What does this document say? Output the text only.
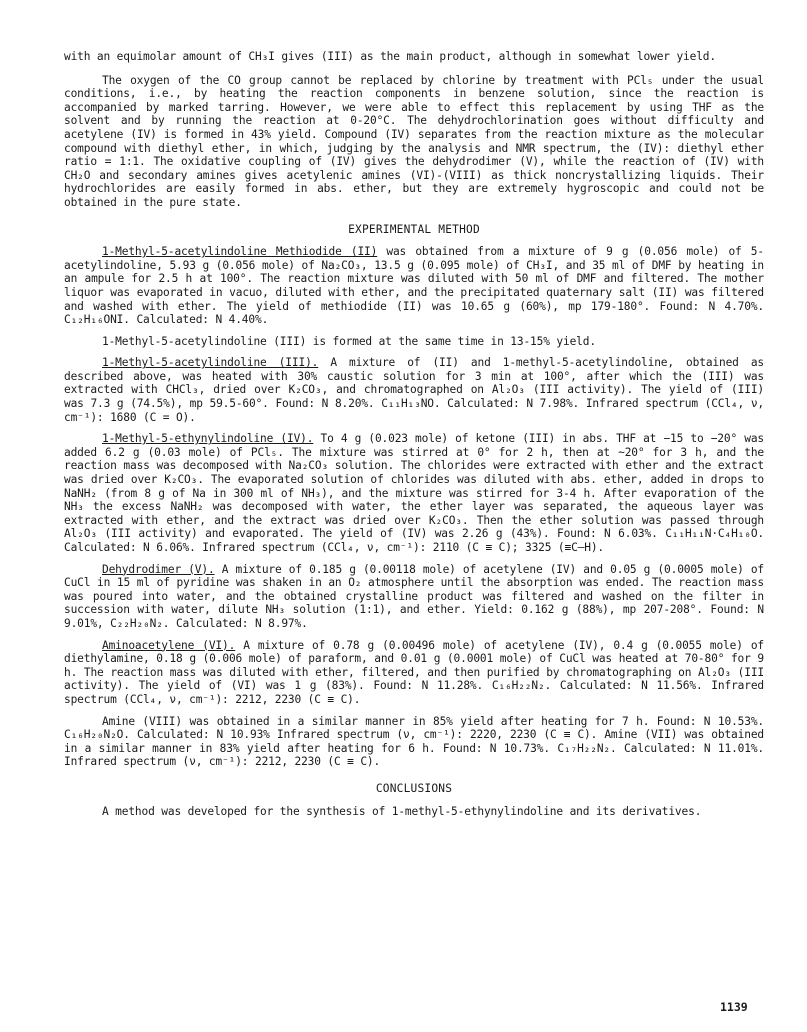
with an equimolar amount of CH₃I gives (III) as the main product, although in somewhat lower yield.

The oxygen of the CO group cannot be replaced by chlorine by treatment with PCl₅ under the usual conditions, i.e., by heating the reaction components in benzene solution, since the reaction is accompanied by marked tarring. However, we were able to effect this replacement by using THF as the solvent and by running the reaction at 0-20°C. The dehydrochlorination goes without difficulty and acetylene (IV) is formed in 43% yield. Compound (IV) separates from the reaction mixture as the molecular compound with diethyl ether, in which, judging by the analysis and NMR spectrum, the (IV): diethyl ether ratio = 1:1. The oxidative coupling of (IV) gives the dehydrodimer (V), while the reaction of (IV) with CH₂O and secondary amines gives acetylenic amines (VI)-(VIII) as thick noncrystallizing liquids. Their hydrochlorides are easily formed in abs. ether, but they are extremely hygroscopic and could not be obtained in the pure state.

EXPERIMENTAL METHOD

1-Methyl-5-acetylindoline Methiodide (II) was obtained from a mixture of 9 g (0.056 mole) of 5-acetylindoline, 5.93 g (0.056 mole) of Na₂CO₃, 13.5 g (0.095 mole) of CH₃I, and 35 ml of DMF by heating in an ampule for 2.5 h at 100°. The reaction mixture was diluted with 50 ml of DMF and filtered. The mother liquor was evaporated in vacuo, diluted with ether, and the precipitated quaternary salt (II) was filtered and washed with ether. The yield of methiodide (II) was 10.65 g (60%), mp 179-180°. Found: N 4.70%. C₁₂H₁₆ONI. Calculated: N 4.40%.

1-Methyl-5-acetylindoline (III) is formed at the same time in 13-15% yield.

1-Methyl-5-acetylindoline (III). A mixture of (II) and 1-methyl-5-acetylindoline, obtained as described above, was heated with 30% caustic solution for 3 min at 100°, after which the (III) was extracted with CHCl₃, dried over K₂CO₃, and chromatographed on Al₂O₃ (III activity). The yield of (III) was 7.3 g (74.5%), mp 59.5-60°. Found: N 8.20%. C₁₁H₁₃NO. Calculated: N 7.98%. Infrared spectrum (CCl₄, ν, cm⁻¹): 1680 (C = O).

1-Methyl-5-ethynylindoline (IV). To 4 g (0.023 mole) of ketone (III) in abs. THF at −15 to −20° was added 6.2 g (0.03 mole) of PCl₅. The mixture was stirred at 0° for 2 h, then at ~20° for 3 h, and the reaction mass was decomposed with Na₂CO₃ solution. The chlorides were extracted with ether and the extract was dried over K₂CO₃. The evaporated solution of chlorides was diluted with abs. ether, added in drops to NaNH₂ (from 8 g of Na in 300 ml of NH₃), and the mixture was stirred for 3-4 h. After evaporation of the NH₃ the excess NaNH₂ was decomposed with water, the ether layer was separated, the aqueous layer was extracted with ether, and the extract was dried over K₂CO₃. Then the ether solution was passed through Al₂O₃ (III activity) and evaporated. The yield of (IV) was 2.26 g (43%). Found: N 6.03%. C₁₁H₁₁N·C₄H₁₀O. Calculated: N 6.06%. Infrared spectrum (CCl₄, ν, cm⁻¹): 2110 (C ≡ C); 3325 (≡C–H).

Dehydrodimer (V). A mixture of 0.185 g (0.00118 mole) of acetylene (IV) and 0.05 g (0.0005 mole) of CuCl in 15 ml of pyridine was shaken in an O₂ atmosphere until the absorption was ended. The reaction mass was poured into water, and the obtained crystalline product was filtered and washed on the filter in succession with water, dilute NH₃ solution (1:1), and ether. Yield: 0.162 g (88%), mp 207-208°. Found: N 9.01%, C₂₂H₂₀N₂. Calculated: N 8.97%.

Aminoacetylene (VI). A mixture of 0.78 g (0.00496 mole) of acetylene (IV), 0.4 g (0.0055 mole) of diethylamine, 0.18 g (0.006 mole) of paraform, and 0.01 g (0.0001 mole) of CuCl was heated at 70-80° for 9 h. The reaction mass was diluted with ether, filtered, and then purified by chromatographing on Al₂O₃ (III activity). The yield of (VI) was 1 g (83%). Found: N 11.28%. C₁₆H₂₂N₂. Calculated: N 11.56%. Infrared spectrum (CCl₄, ν, cm⁻¹): 2212, 2230 (C ≡ C).

Amine (VIII) was obtained in a similar manner in 85% yield after heating for 7 h. Found: N 10.53%. C₁₆H₂₀N₂O. Calculated: N 10.93% Infrared spectrum (ν, cm⁻¹): 2220, 2230 (C ≡ C). Amine (VII) was obtained in a similar manner in 83% yield after heating for 6 h. Found: N 10.73%. C₁₇H₂₂N₂. Calculated: N 11.01%. Infrared spectrum (ν, cm⁻¹): 2212, 2230 (C ≡ C).

CONCLUSIONS

A method was developed for the synthesis of 1-methyl-5-ethynylindoline and its derivatives.

1139
